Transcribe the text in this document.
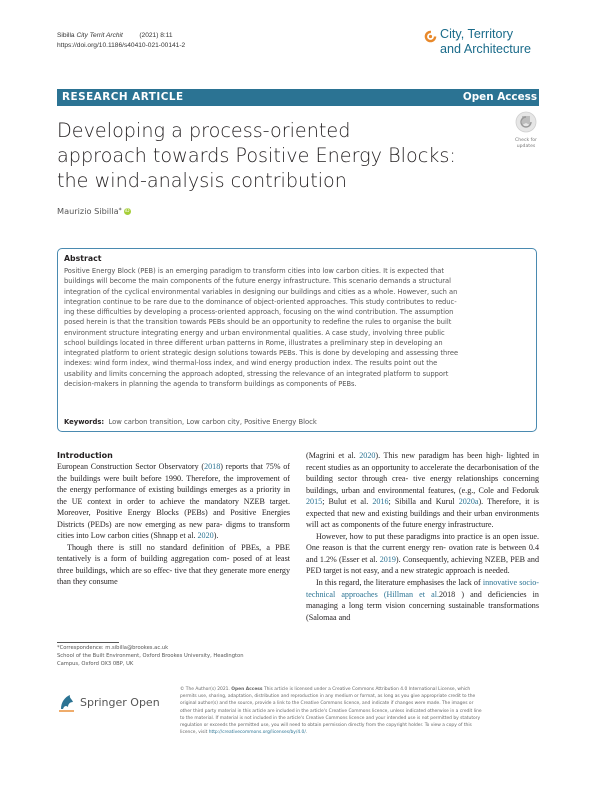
Sibilla City Territ Archit	(2021) 8:11
https://doi.org/10.1186/s40410-021-00141-2
City, Territory
and Architecture
RESEARCH ARTICLE	Open Access
Developing a process-oriented
approach towards Positive Energy Blocks:
the wind-analysis contribution
Check for
updates
Maurizio Sibilla* iD
Abstract
Positive Energy Block (PEB) is an emerging paradigm to transform cities into low carbon cities. It is expected that
buildings will become the main components of the future energy infrastructure. This scenario demands a structural
integration of the cyclical environmental variables in designing our buildings and cities as a whole. However, such an
integration continue to be rare due to the dominance of object-oriented approaches. This study contributes to reduc-
ing these difficulties by developing a process-oriented approach, focusing on the wind contribution. The assumption
posed herein is that the transition towards PEBs should be an opportunity to redefine the rules to organise the built
environment structure integrating energy and urban environmental qualities. A case study, involving three public
school buildings located in three different urban patterns in Rome, illustrates a preliminary step in developing an
integrated platform to orient strategic design solutions towards PEBs. This is done by developing and assessing three
indexes: wind form index, wind thermal-loss index, and wind energy production index. The results point out the
usability and limits concerning the approach adopted, stressing the relevance of an integrated platform to support
decision-makers in planning the agenda to transform buildings as components of PEBs.
Keywords: Low carbon transition, Low carbon city, Positive Energy Block
Introduction

European Construction Sector Observatory (2018) reports that 75% of the buildings were built before 1990. Therefore, the improvement of the energy performance of existing buildings emerges as a priority in the UE context in order to achieve the mandatory NZEB target. Moreover, Positive Energy Blocks (PEBs) and Positive Energies Districts (PEDs) are now emerging as new para- digms to transform cities into Low carbon cities (Shnapp et al. 2020).

Though there is still no standard definition of PBEs, a PBE tentatively is a form of building aggregation com- posed of at least three buildings, which are so effec- tive that they generate more energy than they consume

(Magrini et al. 2020). This new paradigm has been high- lighted in recent studies as an opportunity to accelerate the decarbonisation of the building sector through crea- tive energy relationships concerning buildings, urban and environmental features, (e.g., Cole and Fedoruk 2015; Bulut et al. 2016; Sibilla and Kurul 2020a). Therefore, it is expected that new and existing buildings and their urban environments will act as components of the future energy infrastructure.

However, how to put these paradigms into practice is an open issue. One reason is that the current energy ren- ovation rate is between 0.4 and 1.2% (Esser et al. 2019). Consequently, achieving NZEB, PEB and PED target is not easy, and a new strategic approach is needed.

In this regard, the literature emphasises the lack of innovative socio-technical approaches (Hillman et al.2018 ) and deficiencies in managing a long term vision concerning sustainable transformations (Salomaa and

*Correspondence: m.sibilla@brookes.ac.uk
School of the Built Environment, Oxford Brookes University, Headington
Campus, Oxford OX3 0BP, UK
Springer Open
© The Author(s) 2021. Open Access This article is licensed under a Creative Commons Attribution 4.0 International License, which
permits use, sharing, adaptation, distribution and reproduction in any medium or format, as long as you give appropriate credit to the
original author(s) and the source, provide a link to the Creative Commons licence, and indicate if changes were made. The images or
other third party material in this article are included in the article's Creative Commons licence, unless indicated otherwise in a credit line
to the material. If material is not included in the article's Creative Commons licence and your intended use is not permitted by statutory
regulation or exceeds the permitted use, you will need to obtain permission directly from the copyright holder. To view a copy of this
licence, visit http://creativecommons.org/licenses/by/4.0/.
